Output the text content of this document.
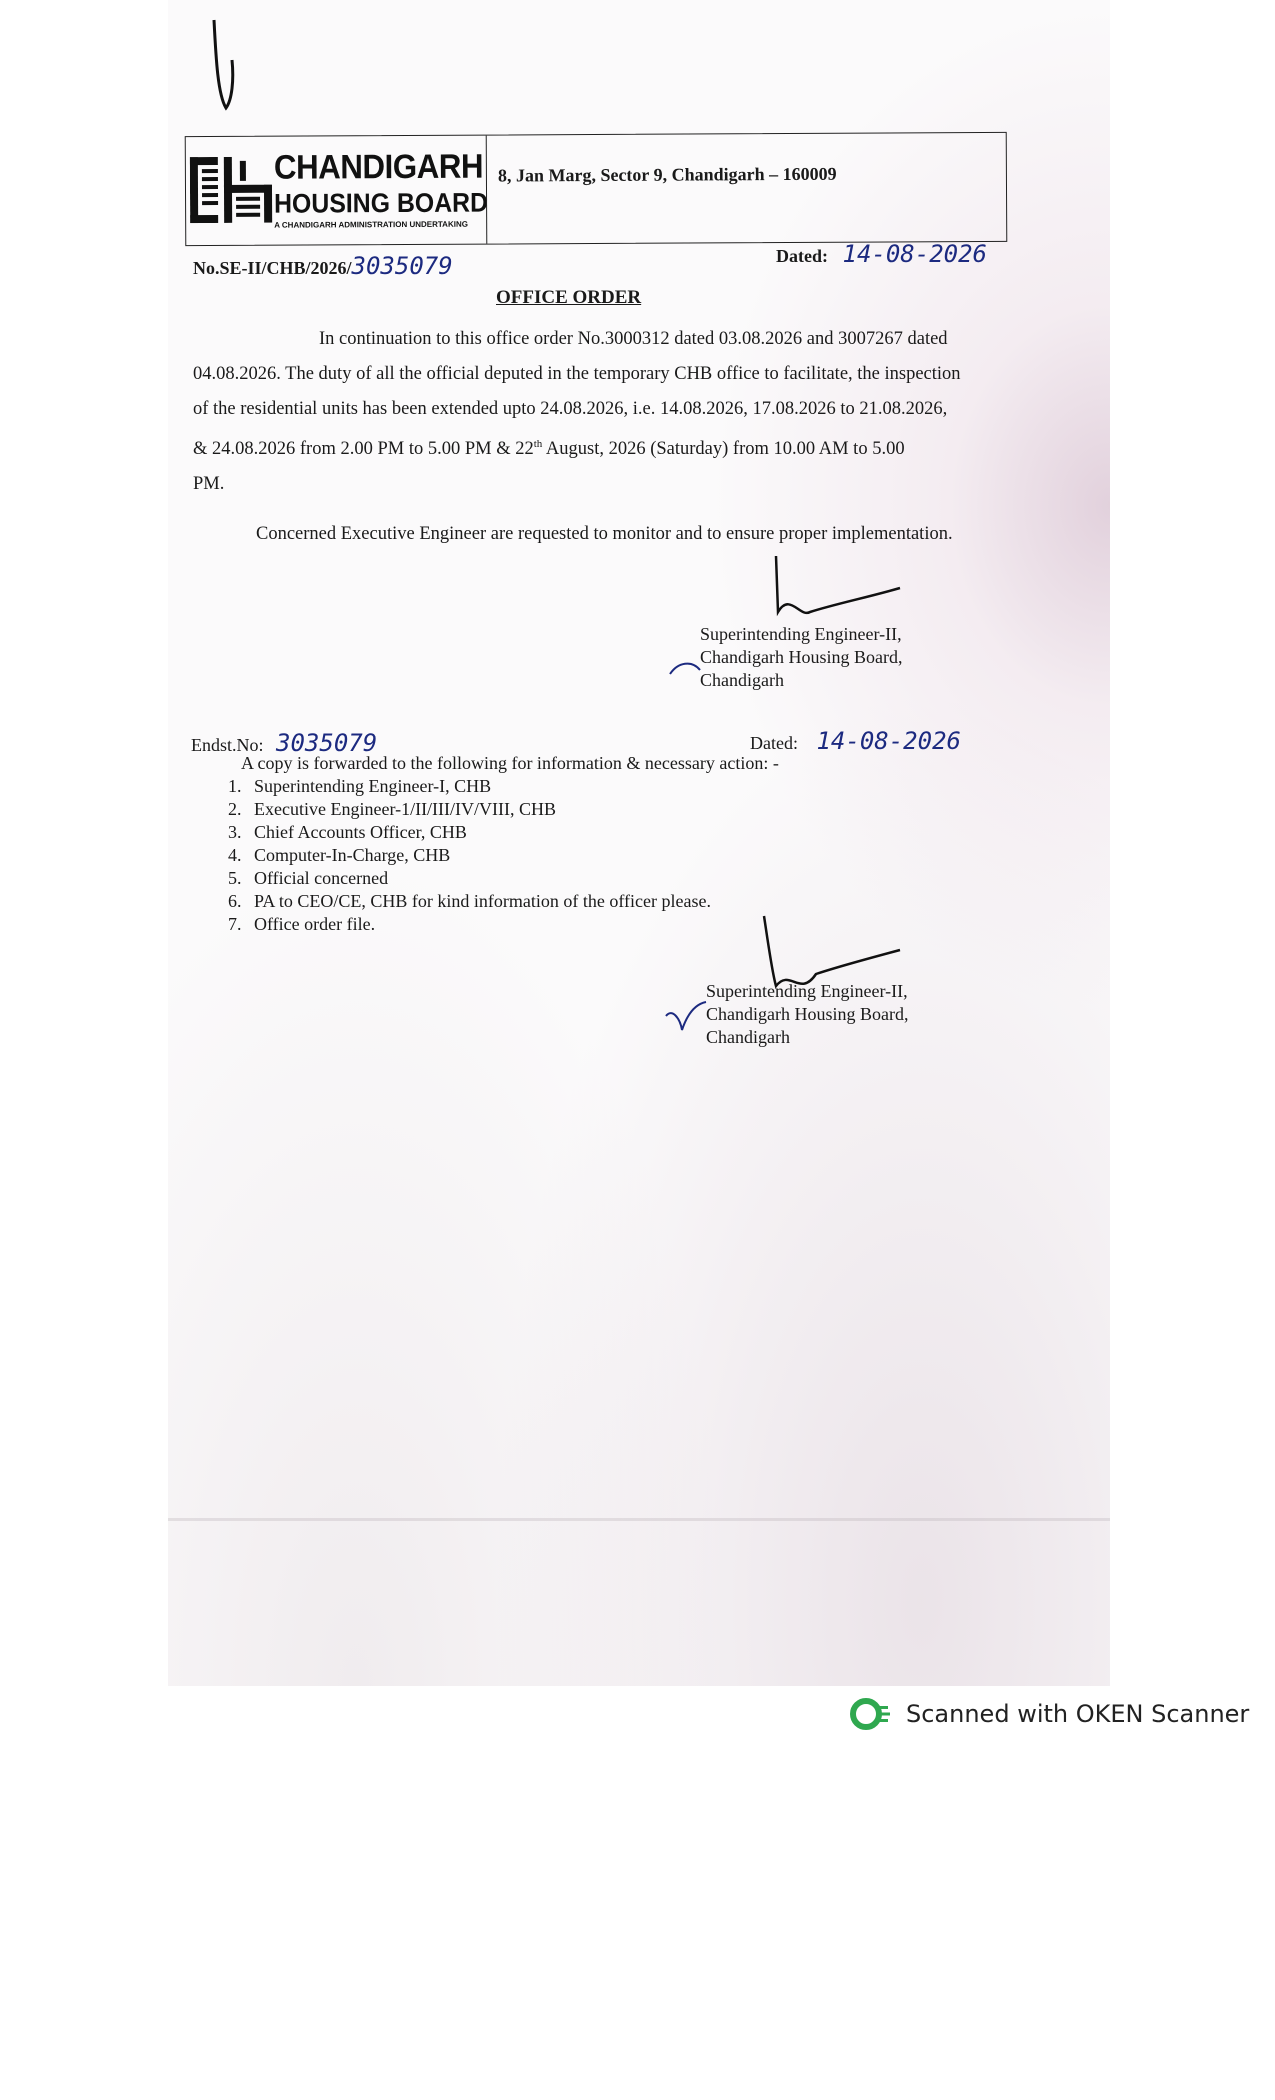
CHANDIGARH
HOUSING BOARD
A CHANDIGARH ADMINISTRATION UNDERTAKING
8, Jan Marg, Sector 9, Chandigarh – 160009
No.SE-II/CHB/2026/3035079	Dated: 14-08-2026
OFFICE ORDER
In continuation to this office order No.3000312 dated 03.08.2026 and 3007267 dated
04.08.2026. The duty of all the official deputed in the temporary CHB office to facilitate, the inspection
of the residential units has been extended upto 24.08.2026, i.e. 14.08.2026, 17.08.2026 to 21.08.2026,
& 24.08.2026 from 2.00 PM to 5.00 PM & 22th August, 2026 (Saturday) from 10.00 AM to 5.00
PM.
Concerned Executive Engineer are requested to monitor and to ensure proper implementation.
Superintending Engineer-II,
Chandigarh Housing Board,
Chandigarh
Endst.No: 3035079	Dated: 14-08-2026
A copy is forwarded to the following for information & necessary action: -
1. Superintending Engineer-I, CHB
2. Executive Engineer-1/II/III/IV/VIII, CHB
3. Chief Accounts Officer, CHB
4. Computer-In-Charge, CHB
5. Official concerned
6. PA to CEO/CE, CHB for kind information of the officer please.
7. Office order file.
Superintending Engineer-II,
Chandigarh Housing Board,
Chandigarh
Scanned with OKEN Scanner
